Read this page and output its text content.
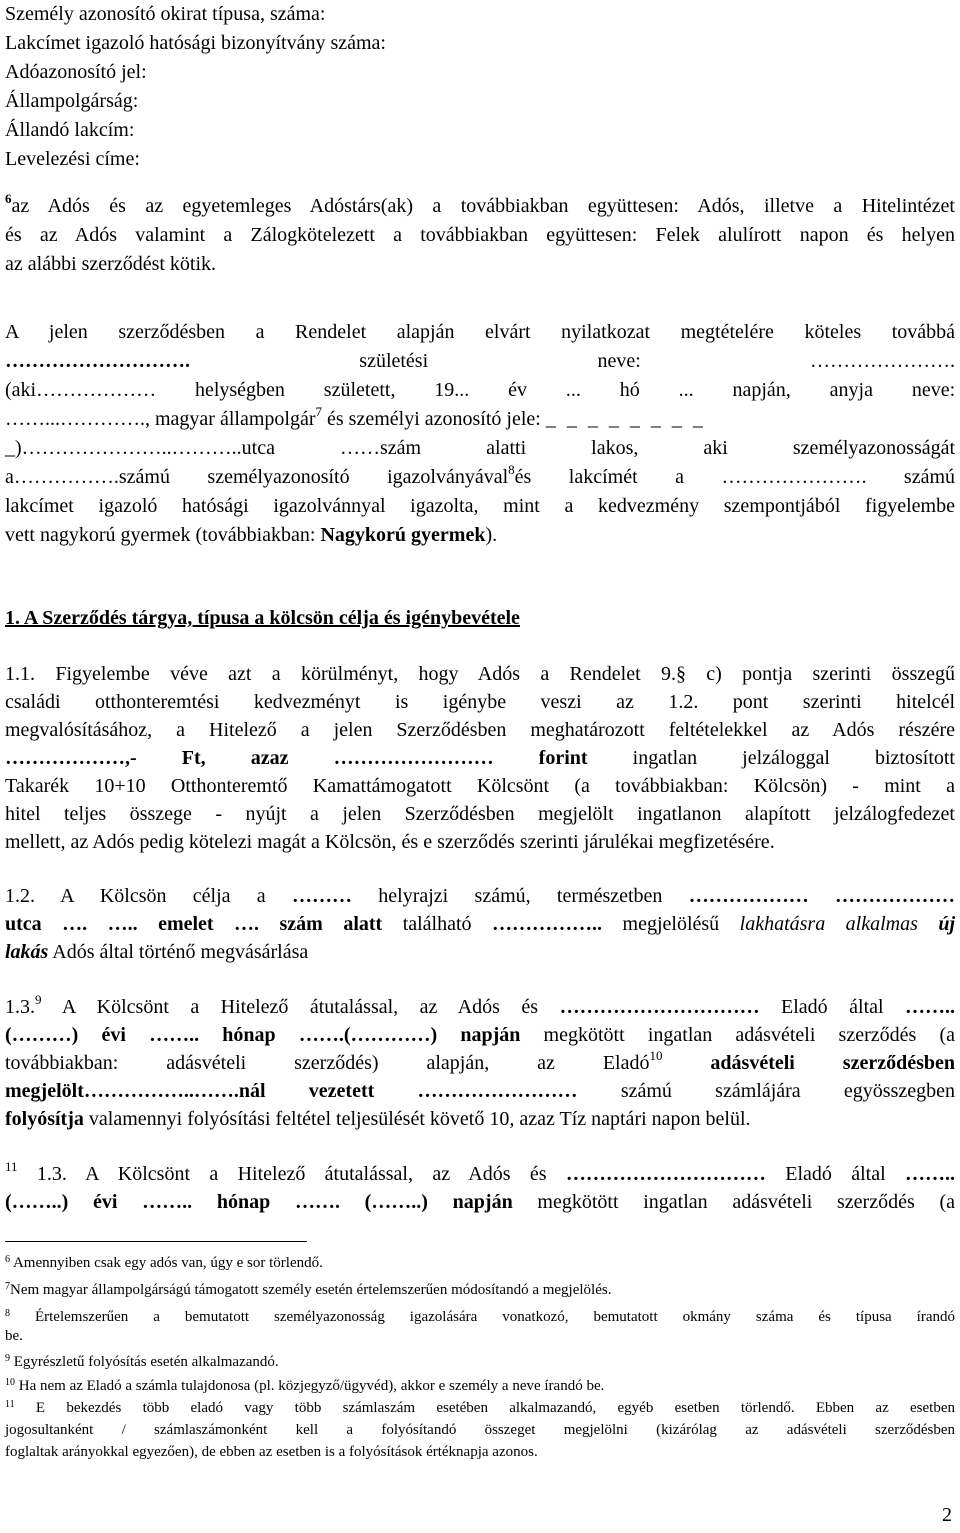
Személy azonosító okirat típusa, száma:
Lakcímet igazoló hatósági bizonyítvány száma:
Adóazonosító jel:
Állampolgárság:
Állandó lakcím:
Levelezési címe:
$^6$az Adós és az egyetemleges Adóstárs(ak) a továbbiakban együttesen: Adós, illetve a Hitelintézet
és az Adós valamint a Zálogkötelezett a továbbiakban együttesen: Felek alulírott napon és helyen
az alábbi szerződést kötik.
A jelen szerződésben a Rendelet alapján elvárt nyilatkozat megtételére köteles továbbá
……………………….	születési	neve:	………………….
(aki……………… helységben született, 19... év ... hó ... napján, anyja neve:
……...…………., magyar állampolgár$^7$ és személyi azonosító jele: _ _ _ _ _ _ _ _
_)…………………..………..utca	……szám	alatti	lakos,	aki	személyazonosságát
a…………….számú személyazonosító igazolványával$^8$és lakcímét a …………………. számú
lakcímet igazoló hatósági igazolvánnyal igazolta, mint a kedvezmény szempontjából figyelembe
vett nagykorú gyermek (továbbiakban: Nagykorú gyermek).
1. A Szerződés tárgya, típusa a kölcsön célja és igénybevétele
1.1. Figyelembe véve azt a körülményt, hogy Adós a Rendelet 9.§ c) pontja szerinti összegű
családi otthonteremtési kedvezményt is igénybe veszi az 1.2. pont szerinti hitelcél
megvalósításához, a Hitelező a jelen Szerződésben meghatározott feltételekkel az Adós részére
………………,- Ft, azaz …………………… forint ingatlan jelzáloggal biztosított
Takarék 10+10 Otthonteremtő Kamattámogatott Kölcsönt (a továbbiakban: Kölcsön) - mint a
hitel teljes összege - nyújt a jelen Szerződésben megjelölt ingatlanon alapított jelzálogfedezet
mellett, az Adós pedig kötelezi magát a Kölcsön, és e szerződés szerinti járulékai megfizetésére.
1.2. A Kölcsön célja a ……… helyrajzi számú, természetben ……………… ………………
utca …. ….. emelet …. szám alatt található …………….. megjelölésű lakhatásra alkalmas új
lakás Adós által történő megvásárlása
1.3.$^9$ A Kölcsönt a Hitelező átutalással, az Adós és ………………………… Eladó által ……..
(………) évi …….. hónap …….(…………) napján megkötött ingatlan adásvételi szerződés (a
továbbiakban: adásvételi szerződés) alapján, az Eladó$^{10}$ adásvételi szerződésben
megjelölt……………..…….nál vezetett …………………… számú számlájára egyösszegben
folyósítja valamennyi folyósítási feltétel teljesülését követő 10, azaz Tíz naptári napon belül.
$^{11}$ 1.3. A Kölcsönt a Hitelező átutalással, az Adós és ………………………… Eladó által ……..
(……..) évi …….. hónap ……. (……..) napján megkötött ingatlan adásvételi szerződés (a
$^6$ Amennyiben csak egy adós van, úgy e sor törlendő.
$^7$Nem magyar állampolgárságú támogatott személy esetén értelemszerűen módosítandó a megjelölés.
$^8$ Értelemszerűen a bemutatott személyazonosság igazolására vonatkozó, bemutatott okmány száma és típusa írandó
be.
$^9$ Egyrészletű folyósítás esetén alkalmazandó.
$^{10}$ Ha nem az Eladó a számla tulajdonosa (pl. közjegyző/ügyvéd), akkor e személy a neve írandó be.
$^{11}$ E bekezdés több eladó vagy több számlaszám esetében alkalmazandó, egyéb esetben törlendő. Ebben az esetben
jogosultanként / számlaszámonként kell a folyósítandó összeget megjelölni (kizárólag az adásvételi szerződésben
foglaltak arányokkal egyezően), de ebben az esetben is a folyósítások értéknapja azonos.
2
